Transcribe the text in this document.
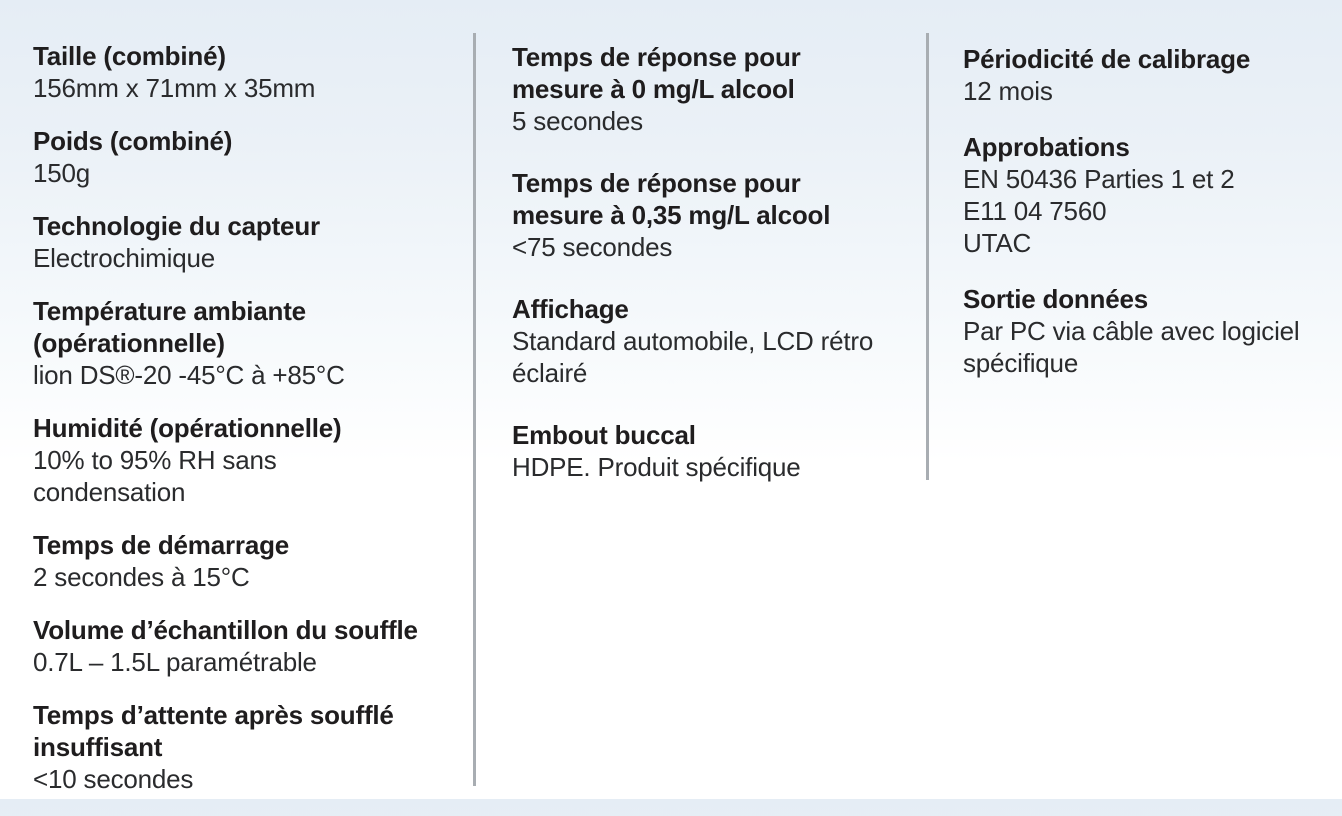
Taille (combiné)
156mm x 71mm x 35mm
Poids (combiné)
150g
Technologie du capteur
Electrochimique
Température ambiante
(opérationnelle)
lion DS®-20 -45°C à +85°C
Humidité (opérationnelle)
10% to 95% RH sans
condensation
Temps de démarrage
2 secondes à 15°C
Volume d’échantillon du souffle
0.7L – 1.5L paramétrable
Temps d’attente après soufflé
insuffisant
<10 secondes
Temps de réponse pour
mesure à 0 mg/L alcool
5 secondes
Temps de réponse pour
mesure à 0,35 mg/L alcool
<75 secondes
Affichage
Standard automobile, LCD rétro
éclairé
Embout buccal
HDPE. Produit spécifique
Périodicité de calibrage
12 mois
Approbations
EN 50436 Parties 1 et 2
E11 04 7560
UTAC
Sortie données
Par PC via câble avec logiciel
spécifique
